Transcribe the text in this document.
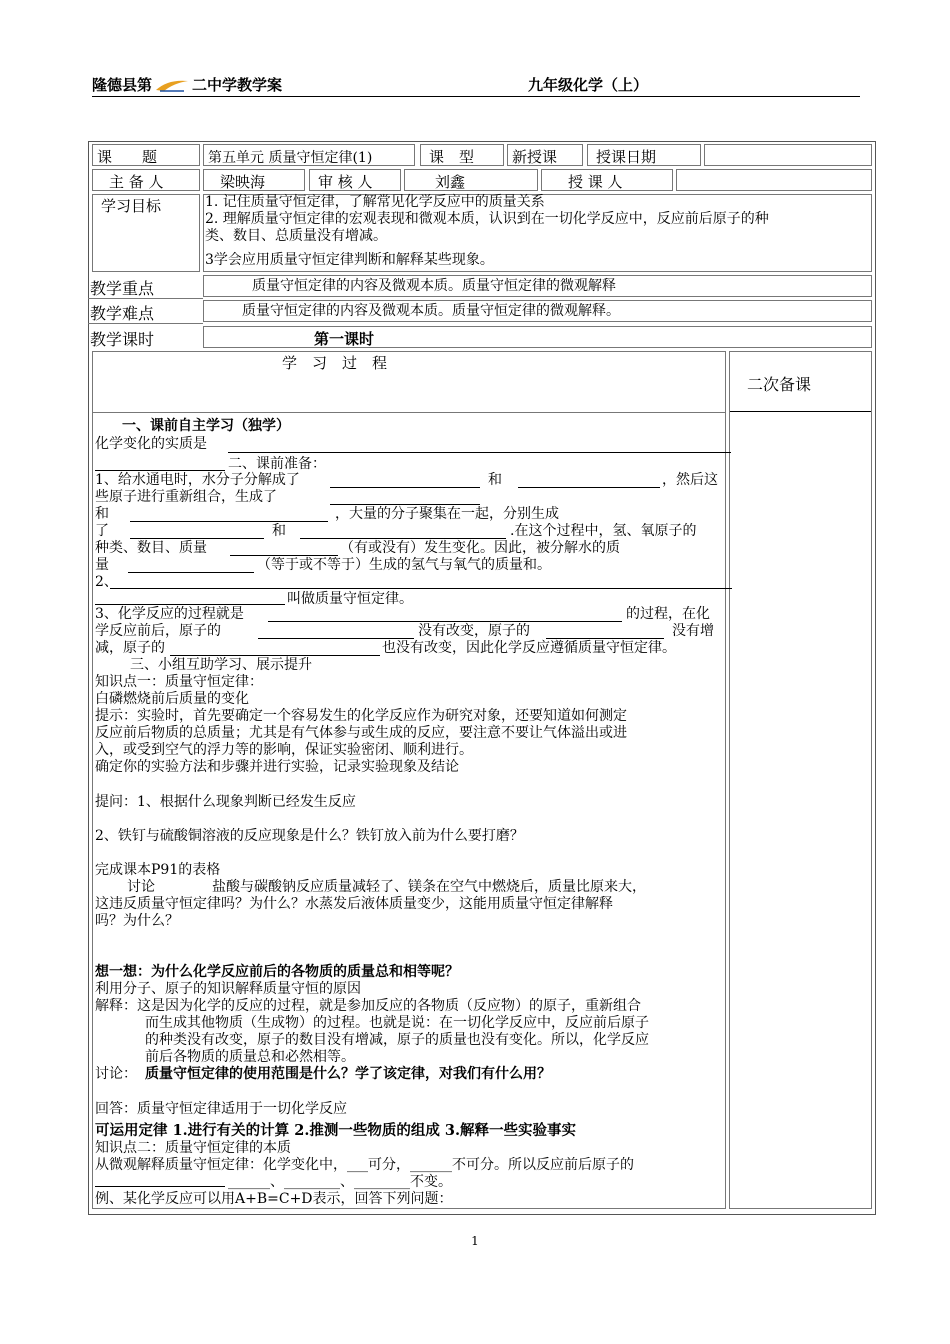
隆德县第	二中学教学案	九年级化学（上）
课　　题	第五单元 质量守恒定律(1)	课　型	新授课	授课日期
主 备 人	梁映海	审 核 人	刘鑫	授 课 人
学习目标	1. 记住质量守恒定律，了解常见化学反应中的质量关系
2. 理解质量守恒定律的宏观表现和微观本质，认识到在一切化学反应中，反应前后原子的种
类、数目、总质量没有增减。
3学会应用质量守恒定律判断和解释某些现象。
教学重点	质量守恒定律的内容及微观本质。质量守恒定律的微观解释
教学难点	质量守恒定律的内容及微观本质。质量守恒定律的微观解释。
教学课时	第一课时
学　习　过　程
二次备课
一、课前自主学习（独学）
化学变化的实质是
二、课前准备：
1、给水通电时，水分子分解成了	和	，然后这
些原子进行重新组合，生成了
和	，大量的分子聚集在一起，分别生成
了	和	.在这个过程中，氢、氧原子的
种类、数目、质量	（有或没有）发生变化。因此，被分解水的质
量	（等于或不等于）生成的氢气与氧气的质量和。
2、
叫做质量守恒定律。
3、化学反应的过程就是	的过程，在化
学反应前后，原子的	没有改变，原子的	没有增
减，原子的	也没有改变，因此化学反应遵循质量守恒定律。
三、小组互助学习、展示提升
知识点一：质量守恒定律：
白磷燃烧前后质量的变化
提示：实验时，首先要确定一个容易发生的化学反应作为研究对象，还要知道如何测定
反应前后物质的总质量；尤其是有气体参与或生成的反应，要注意不要让气体溢出或进
入，或受到空气的浮力等的影响，保证实验密闭、顺利进行。
确定你的实验方法和步骤并进行实验，记录实验现象及结论
提问：1、根据什么现象判断已经发生反应
2、铁钉与硫酸铜溶液的反应现象是什么？铁钉放入前为什么要打磨？
完成课本P91的表格
讨论	盐酸与碳酸钠反应质量减轻了、镁条在空气中燃烧后，质量比原来大，
这违反质量守恒定律吗？为什么？水蒸发后液体质量变少，这能用质量守恒定律解释
吗？为什么？
想一想：为什么化学反应前后的各物质的质量总和相等呢？
利用分子、原子的知识解释质量守恒的原因
解释：这是因为化学的反应的过程，就是参加反应的各物质（反应物）的原子，重新组合
而生成其他物质（生成物）的过程。也就是说：在一切化学反应中，反应前后原子
的种类没有改变，原子的数目没有增减，原子的质量也没有变化。所以，化学反应
前后各物质的质量总和必然相等。
讨论： 质量守恒定律的使用范围是什么？学了该定律，对我们有什么用？
回答：质量守恒定律适用于一切化学反应
可运用定律 1.进行有关的计算 2.推测一些物质的组成 3.解释一些实验事实
知识点二：质量守恒定律的本质
从微观解释质量守恒定律：化学变化中，___可分，______不可分。所以反应前后原子的
______、________、________不变。
例、某化学反应可以用A+B=C+D表示，回答下列问题：
1
